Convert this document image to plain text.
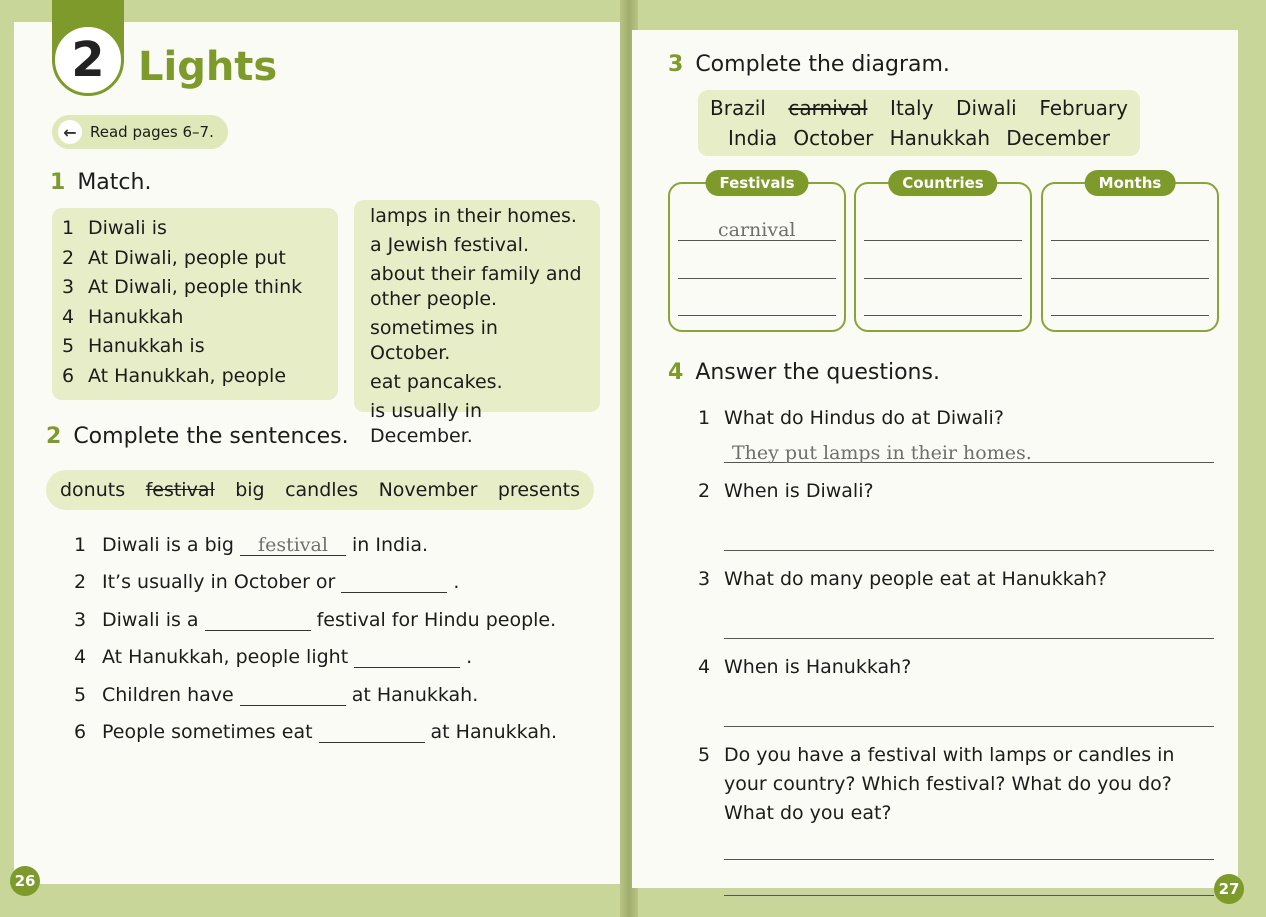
2 Lights
← Read pages 6–7.
1 Match.
1 Diwali is
2 At Diwali, people put
3 At Diwali, people think
4 Hanukkah
5 Hanukkah is
6 At Hanukkah, people
lamps in their homes.
a Jewish festival.
about their family and other people.
sometimes in October.
eat pancakes.
is usually in December.
2 Complete the sentences.
donuts festival big candles November presents
1 Diwali is a big	festival	in India.
2 It’s usually in October or	.
3 Diwali is a	festival for Hindu people.
4 At Hanukkah, people light	.
5 Children have	at Hanukkah.
6 People sometimes eat	at Hanukkah.
26
3 Complete the diagram.
Brazil carnival Italy Diwali February
India October Hanukkah December
Festivals
carnival
Countries	Months
4 Answer the questions.
1 What do Hindus do at Diwali?
They put lamps in their homes.
2 When is Diwali?
3 What do many people eat at Hanukkah?
4 When is Hanukkah?
5 Do you have a festival with lamps or candles in your country? Which festival? What do you do? What do you eat?
27
